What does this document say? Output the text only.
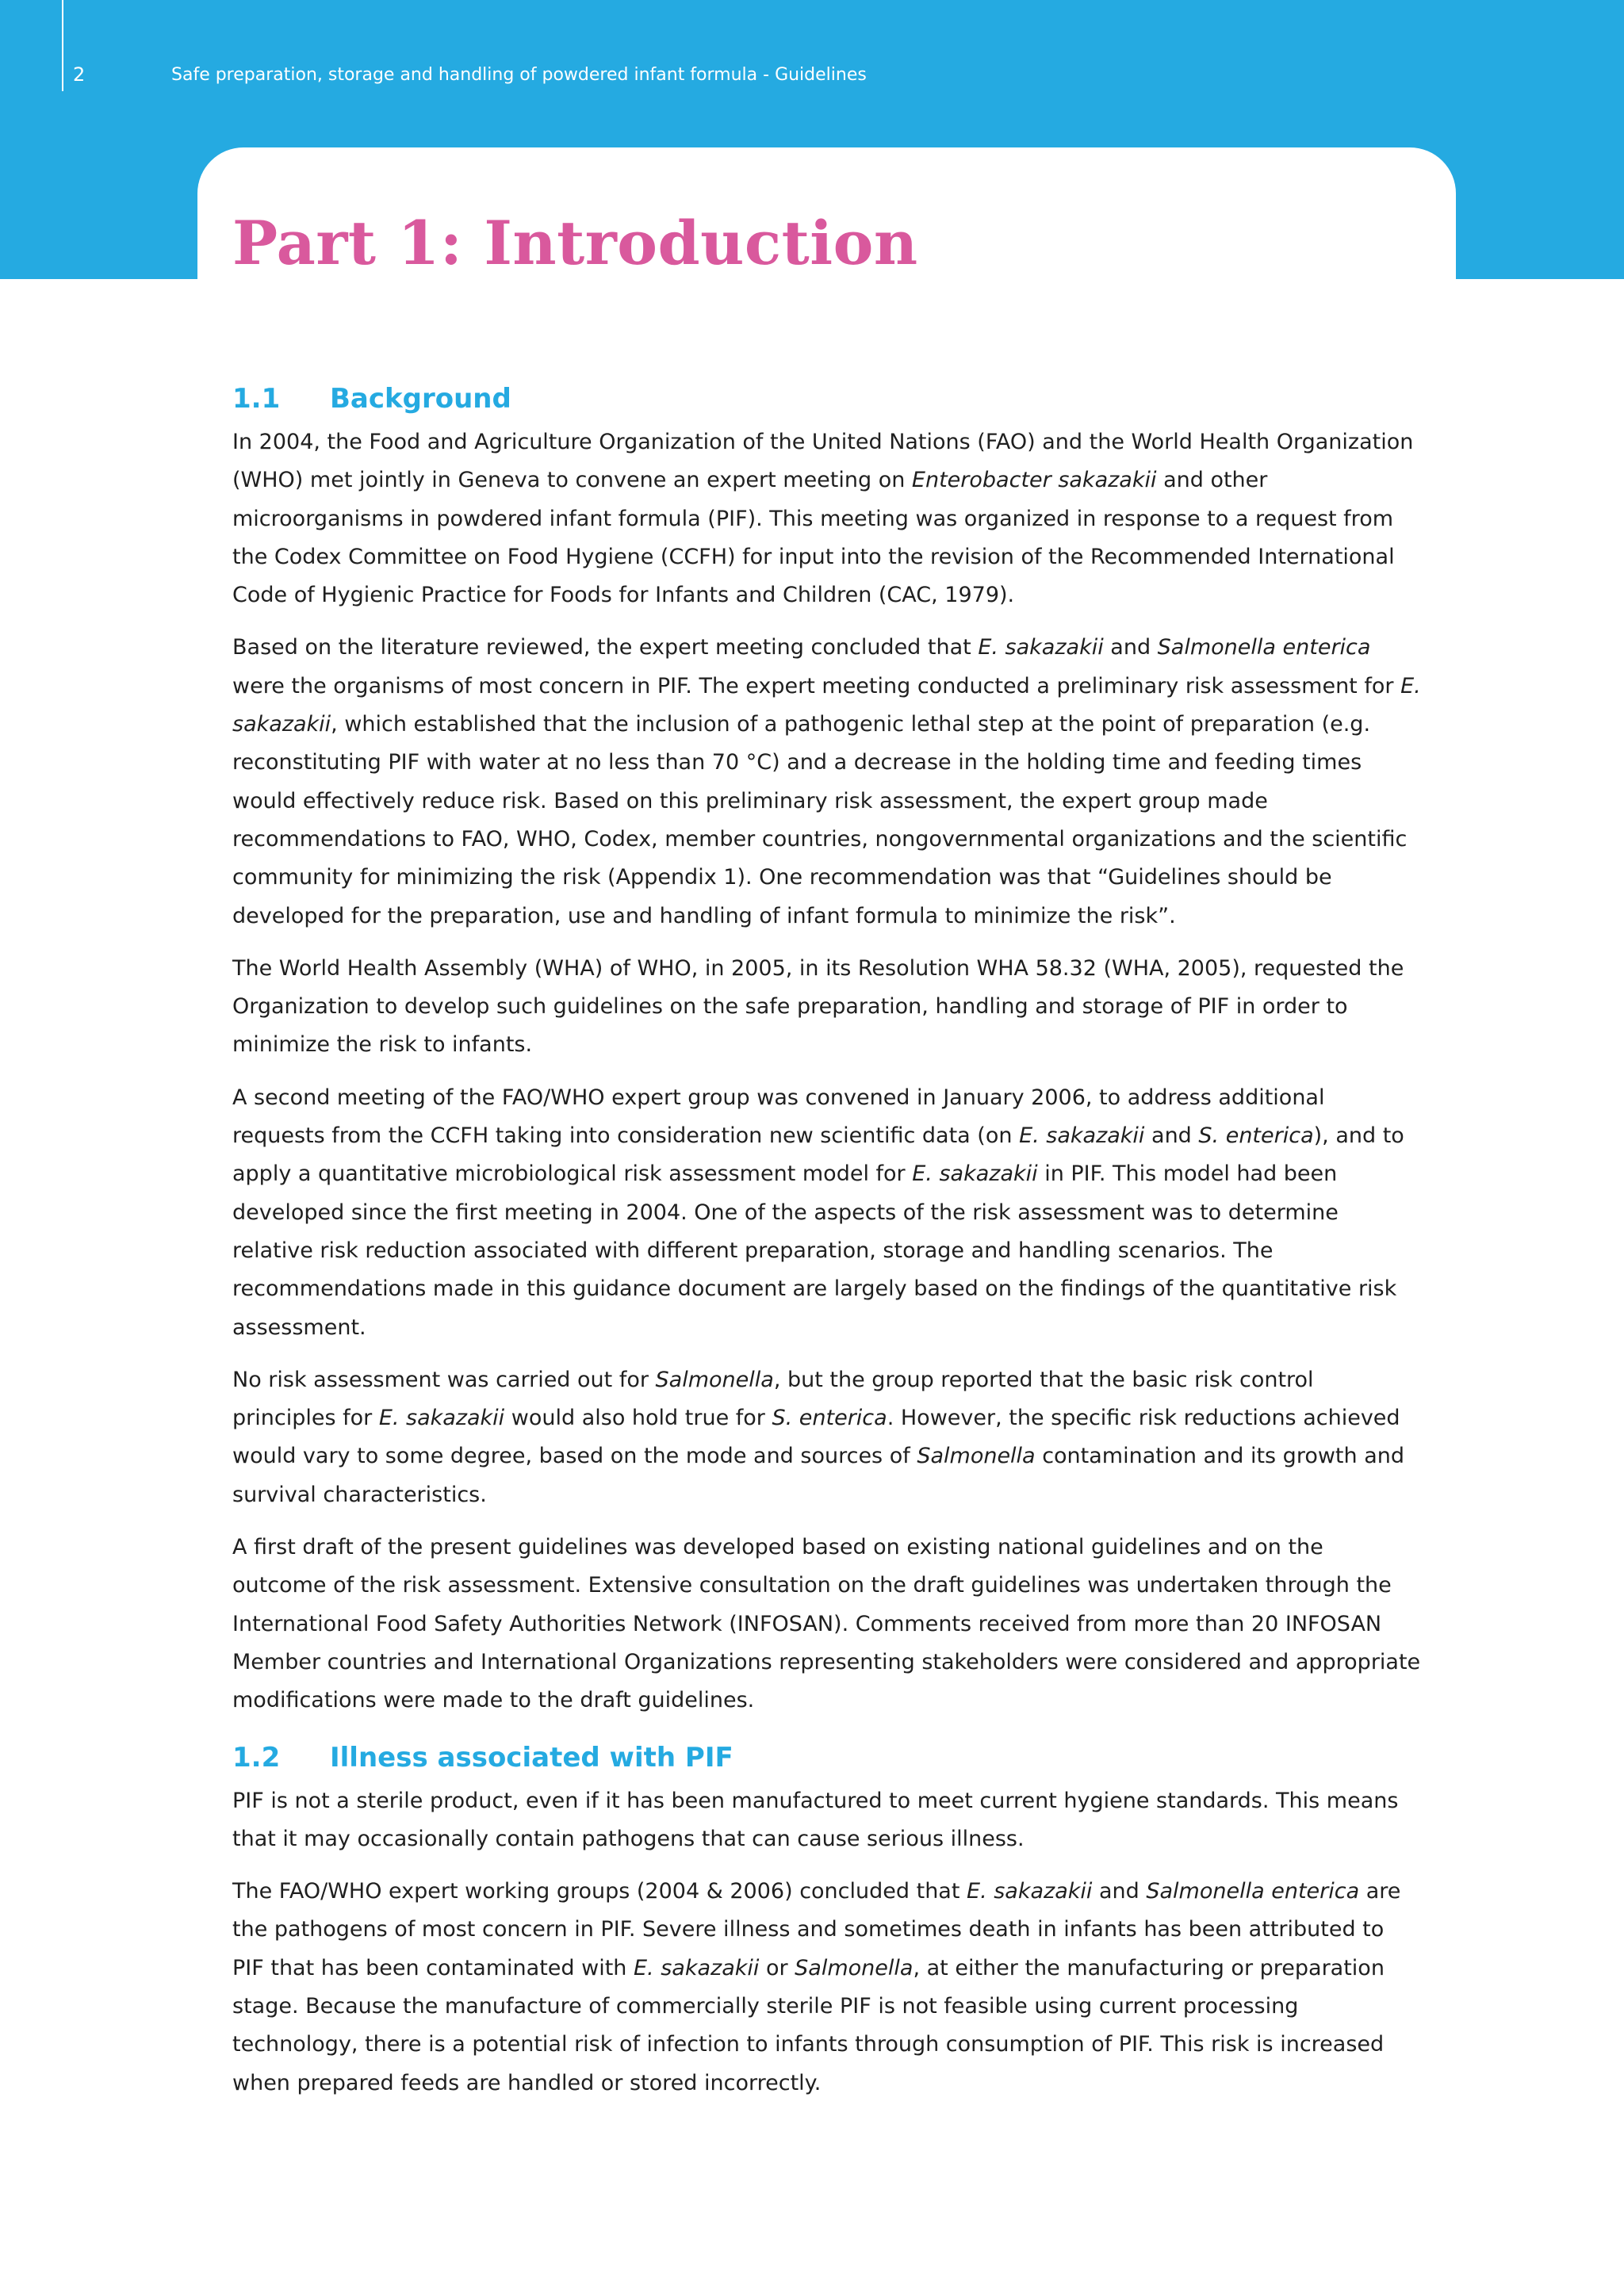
2	Safe preparation, storage and handling of powdered infant formula - Guidelines
Part 1: Introduction
1.1 Background

In 2004, the Food and Agriculture Organization of the United Nations (FAO) and the World Health Organization (WHO) met jointly in Geneva to convene an expert meeting on Enterobacter sakazakii and other microorganisms in powdered infant formula (PIF). This meeting was organized in response to a request from the Codex Committee on Food Hygiene (CCFH) for input into the revision of the Recommended International Code of Hygienic Practice for Foods for Infants and Children (CAC, 1979).

Based on the literature reviewed, the expert meeting concluded that E. sakazakii and Salmonella enterica were the organisms of most concern in PIF. The expert meeting conducted a preliminary risk assessment for E. sakazakii, which established that the inclusion of a pathogenic lethal step at the point of preparation (e.g. reconstituting PIF with water at no less than 70 °C) and a decrease in the holding time and feeding times would effectively reduce risk. Based on this preliminary risk assessment, the expert group made recommendations to FAO, WHO, Codex, member countries, nongovernmental organizations and the scientific community for minimizing the risk (Appendix 1). One recommendation was that “Guidelines should be developed for the preparation, use and handling of infant formula to minimize the risk”.

The World Health Assembly (WHA) of WHO, in 2005, in its Resolution WHA 58.32 (WHA, 2005), requested the Organization to develop such guidelines on the safe preparation, handling and storage of PIF in order to minimize the risk to infants.

A second meeting of the FAO/WHO expert group was convened in January 2006, to address additional requests from the CCFH taking into consideration new scientific data (on E. sakazakii and S. enterica), and to apply a quantitative microbiological risk assessment model for E. sakazakii in PIF. This model had been developed since the first meeting in 2004. One of the aspects of the risk assessment was to determine relative risk reduction associated with different preparation, storage and handling scenarios. The recommendations made in this guidance document are largely based on the findings of the quantitative risk assessment.

No risk assessment was carried out for Salmonella, but the group reported that the basic risk control principles for E. sakazakii would also hold true for S. enterica. However, the specific risk reductions achieved would vary to some degree, based on the mode and sources of Salmonella contamination and its growth and survival characteristics.

A first draft of the present guidelines was developed based on existing national guidelines and on the outcome of the risk assessment. Extensive consultation on the draft guidelines was undertaken through the International Food Safety Authorities Network (INFOSAN). Comments received from more than 20 INFOSAN Member countries and International Organizations representing stakeholders were considered and appropriate modifications were made to the draft guidelines.

1.2 Illness associated with PIF

PIF is not a sterile product, even if it has been manufactured to meet current hygiene standards. This means that it may occasionally contain pathogens that can cause serious illness.

The FAO/WHO expert working groups (2004 & 2006) concluded that E. sakazakii and Salmonella enterica are the pathogens of most concern in PIF. Severe illness and sometimes death in infants has been attributed to PIF that has been contaminated with E. sakazakii or Salmonella, at either the manufacturing or preparation stage. Because the manufacture of commercially sterile PIF is not feasible using current processing technology, there is a potential risk of infection to infants through consumption of PIF. This risk is increased when prepared feeds are handled or stored incorrectly.
